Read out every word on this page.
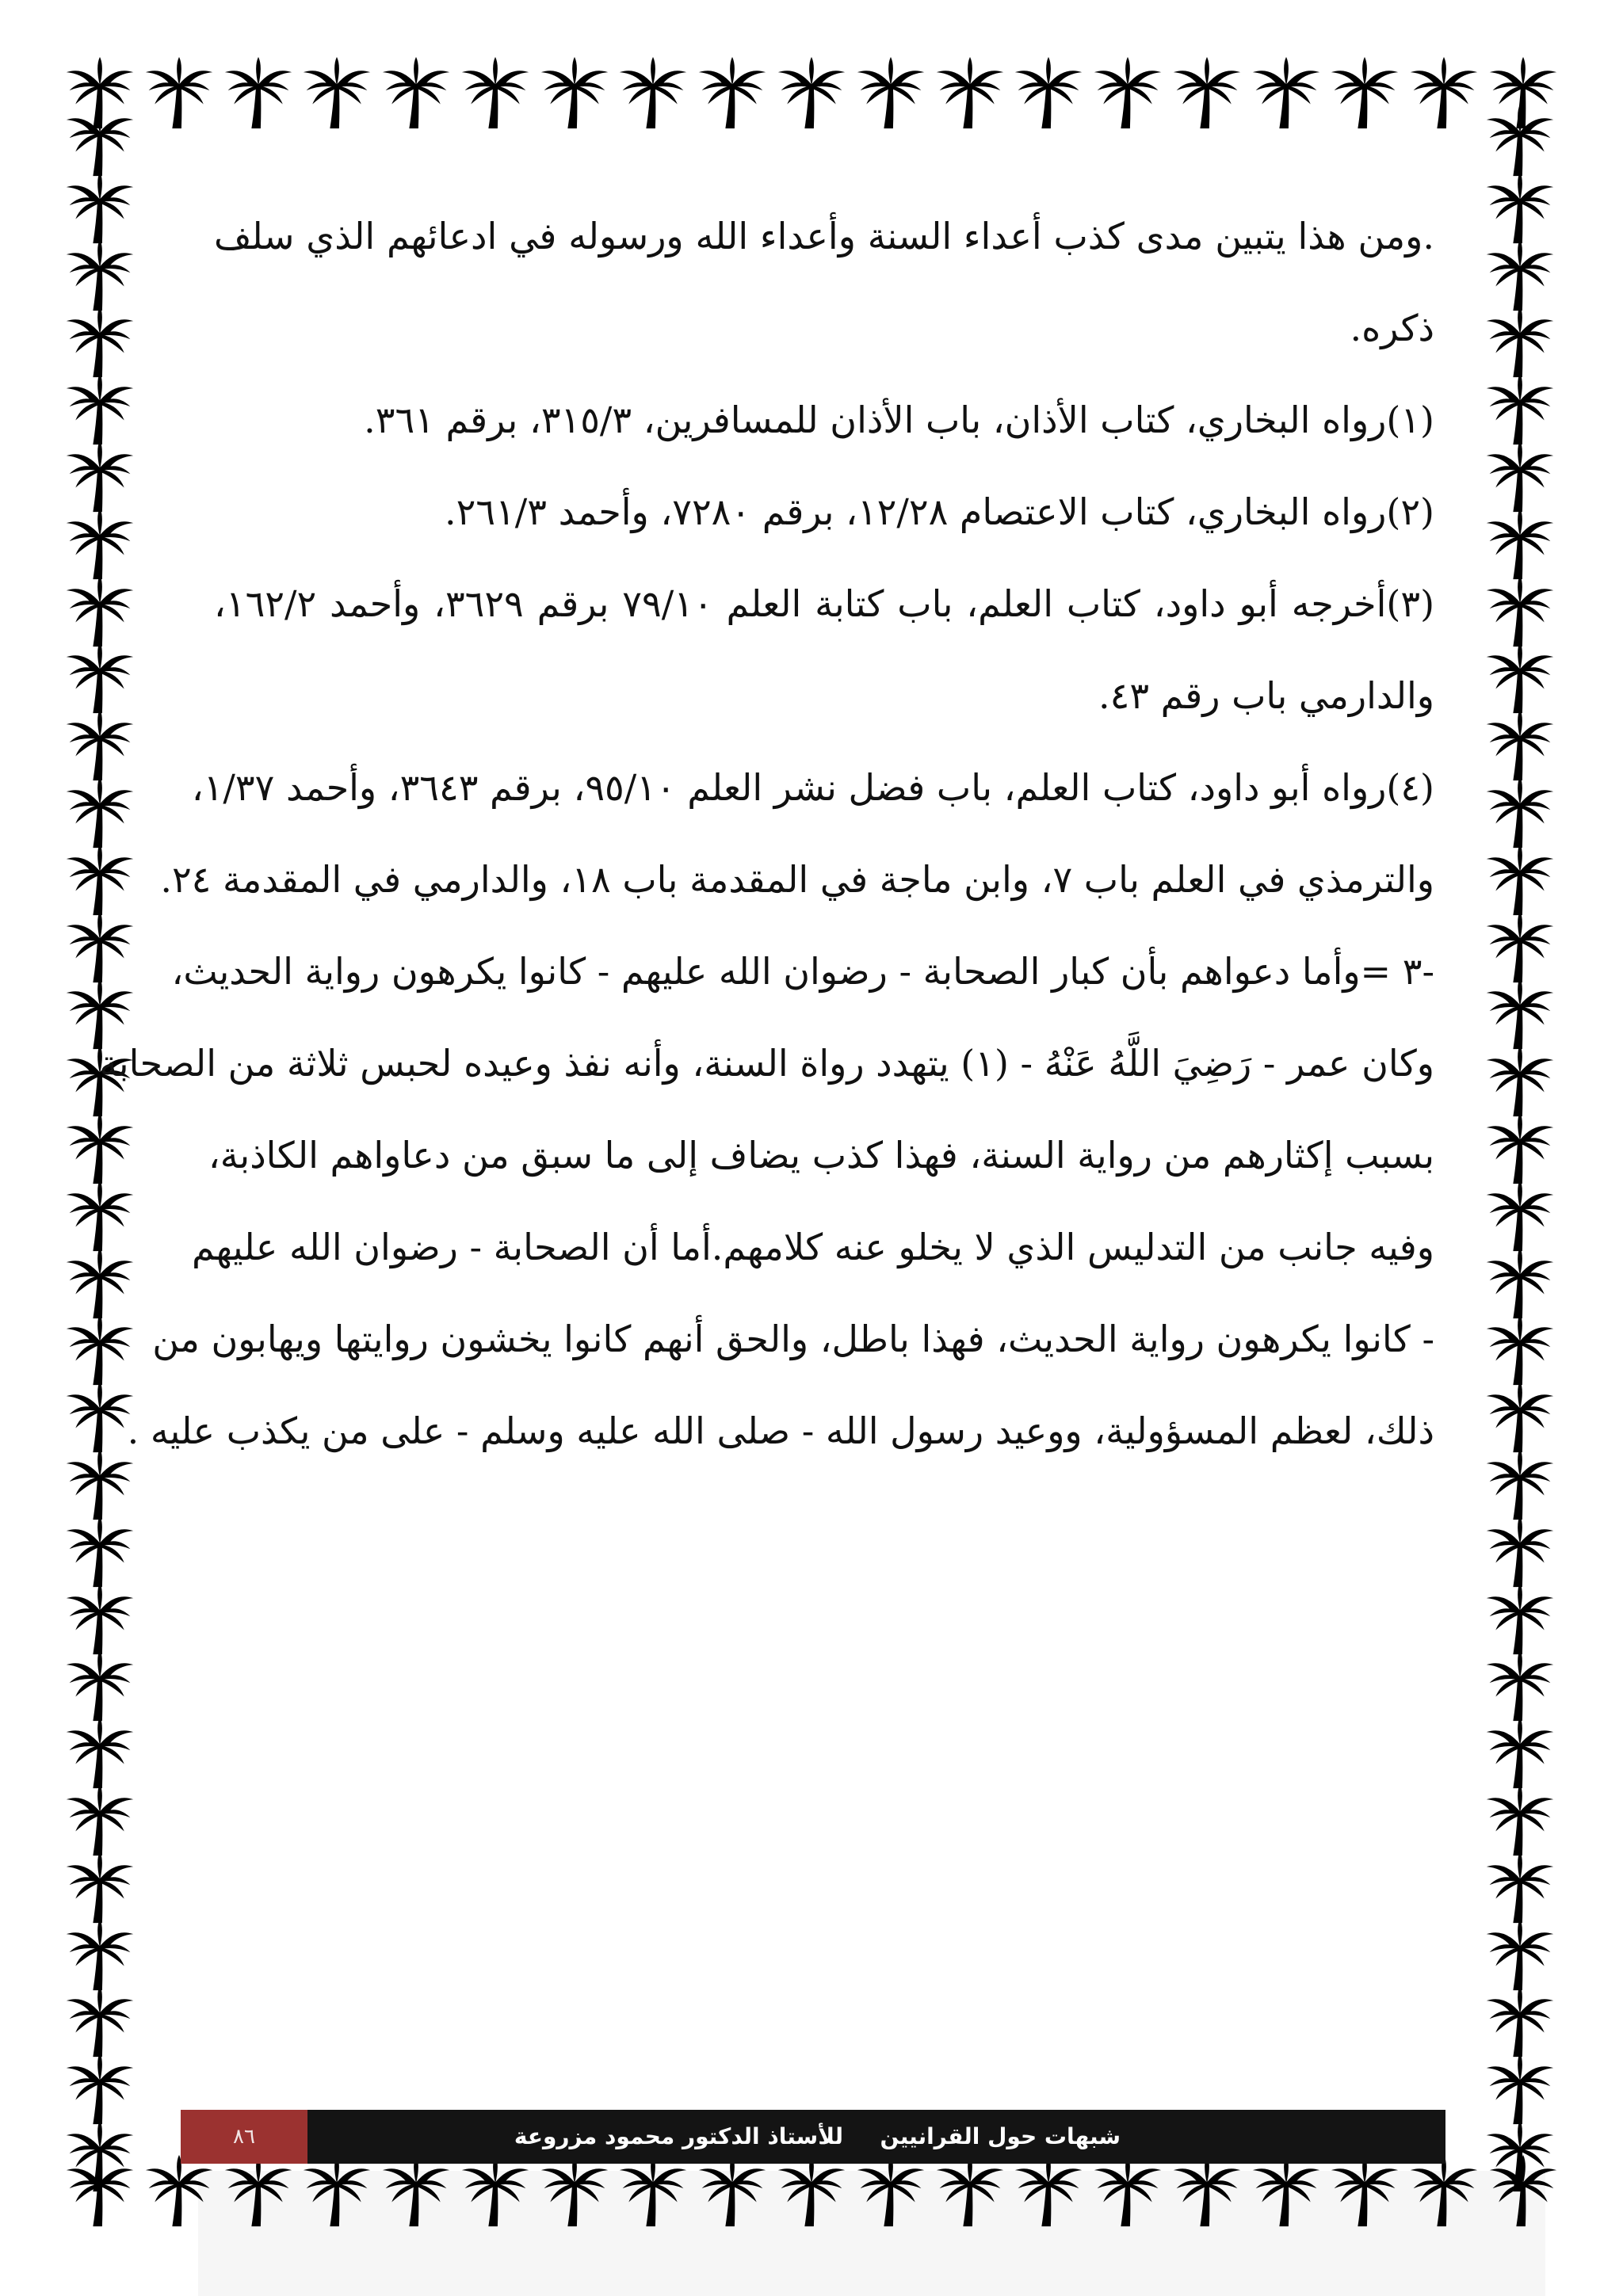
.ومن هذا يتبين مدى كذب أعداء السنة وأعداء الله ورسوله في ادعائهم الذي سلف
ذكره.
(١)رواه البخاري، كتاب الأذان، باب الأذان للمسافرين، ٣١٥/٣، برقم ٣٦١.
(٢)رواه البخاري، كتاب الاعتصام ١٢/٢٨، برقم ٧٢٨٠، وأحمد ٢٦١/٣.
(٣)أخرجه أبو داود، كتاب العلم، باب كتابة العلم ٧٩/١٠ برقم ٣٦٢٩، وأحمد ١٦٢/٢،
والدارمي باب رقم ٤٣.
(٤)رواه أبو داود، كتاب العلم، باب فضل نشر العلم ٩٥/١٠، برقم ٣٦٤٣، وأحمد ١/٣٧،
والترمذي في العلم باب ٧، وابن ماجة في المقدمة باب ١٨، والدارمي في المقدمة ٢٤.
-٣ =وأما دعواهم بأن كبار الصحابة - رضوان الله عليهم - كانوا يكرهون رواية الحديث،
وكان عمر - رَضِيَ اللَّهُ عَنْهُ - (١) يتهدد رواة السنة، وأنه نفذ وعيده لحبس ثلاثة من الصحابة
بسبب إكثارهم من رواية السنة، فهذا كذب يضاف إلى ما سبق من دعاواهم الكاذبة،
وفيه جانب من التدليس الذي لا يخلو عنه كلامهم.أما أن الصحابة - رضوان الله عليهم
- كانوا يكرهون رواية الحديث، فهذا باطل، والحق أنهم كانوا يخشون روايتها ويهابون من
ذلك، لعظم المسؤولية، ووعيد رسول الله - صلى الله عليه وسلم - على من يكذب عليه .
شبهات حول القرانيين
للأستاذ الدكتور محمود مزروعة
٨٦
